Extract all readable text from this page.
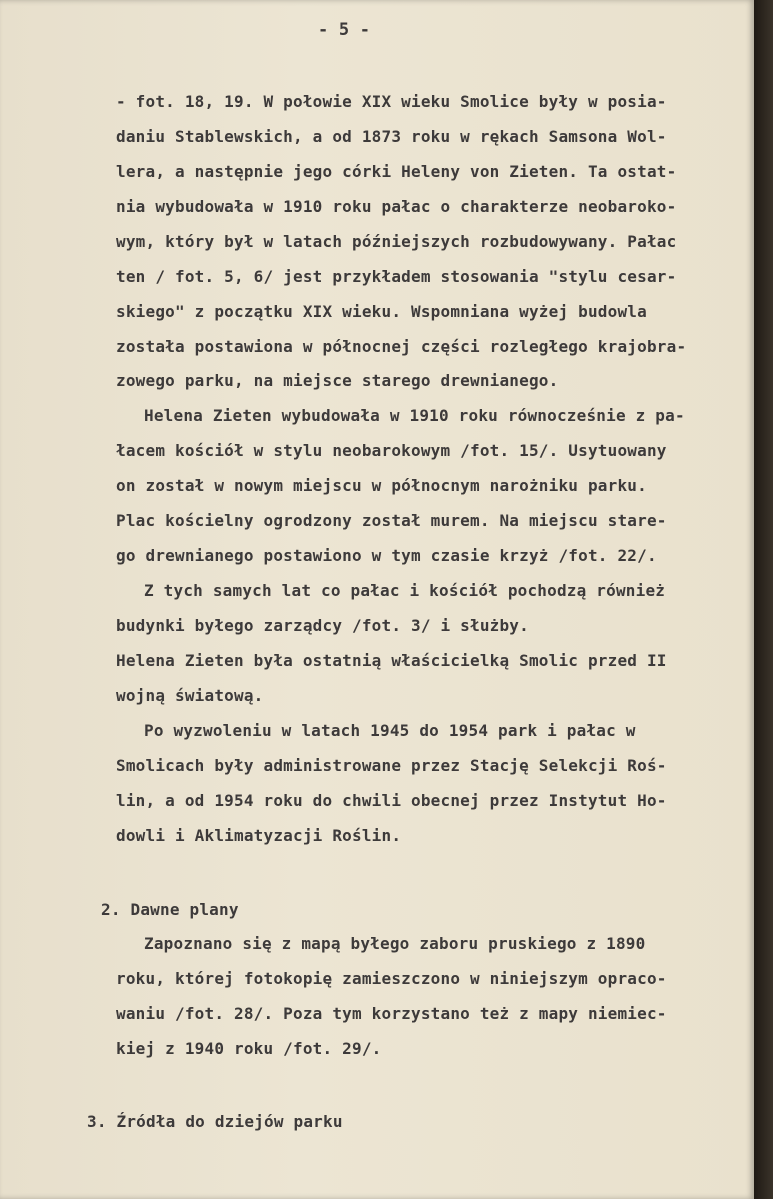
- 5 -
- fot. 18, 19. W połowie XIX wieku Smolice były w posia-
daniu Stablewskich, a od 1873 roku w rękach Samsona Wol-
lera, a następnie jego córki Heleny von Zieten. Ta ostat-
nia wybudowała w 1910 roku pałac o charakterze neobaroko-
wym, który był w latach późniejszych rozbudowywany. Pałac
ten / fot. 5, 6/ jest przykładem stosowania "stylu cesar-
skiego" z początku XIX wieku. Wspomniana wyżej budowla
została postawiona w północnej części rozległego krajobra-
zowego parku, na miejsce starego drewnianego.
Helena Zieten wybudowała w 1910 roku równocześnie z pa-
łacem kościół w stylu neobarokowym /fot. 15/. Usytuowany
on został w nowym miejscu w północnym narożniku parku.
Plac kościelny ogrodzony został murem. Na miejscu stare-
go drewnianego postawiono w tym czasie krzyż /fot. 22/.
Z tych samych lat co pałac i kościół pochodzą również
budynki byłego zarządcy /fot. 3/ i służby.
Helena Zieten była ostatnią właścicielką Smolic przed II
wojną światową.
Po wyzwoleniu w latach 1945 do 1954 park i pałac w
Smolicach były administrowane przez Stację Selekcji Roś-
lin, a od 1954 roku do chwili obecnej przez Instytut Ho-
dowli i Aklimatyzacji Roślin.
2. Dawne plany
Zapoznano się z mapą byłego zaboru pruskiego z 1890
roku, której fotokopię zamieszczono w niniejszym opraco-
waniu /fot. 28/. Poza tym korzystano też z mapy niemiec-
kiej z 1940 roku /fot. 29/.
3. Źródła do dziejów parku
